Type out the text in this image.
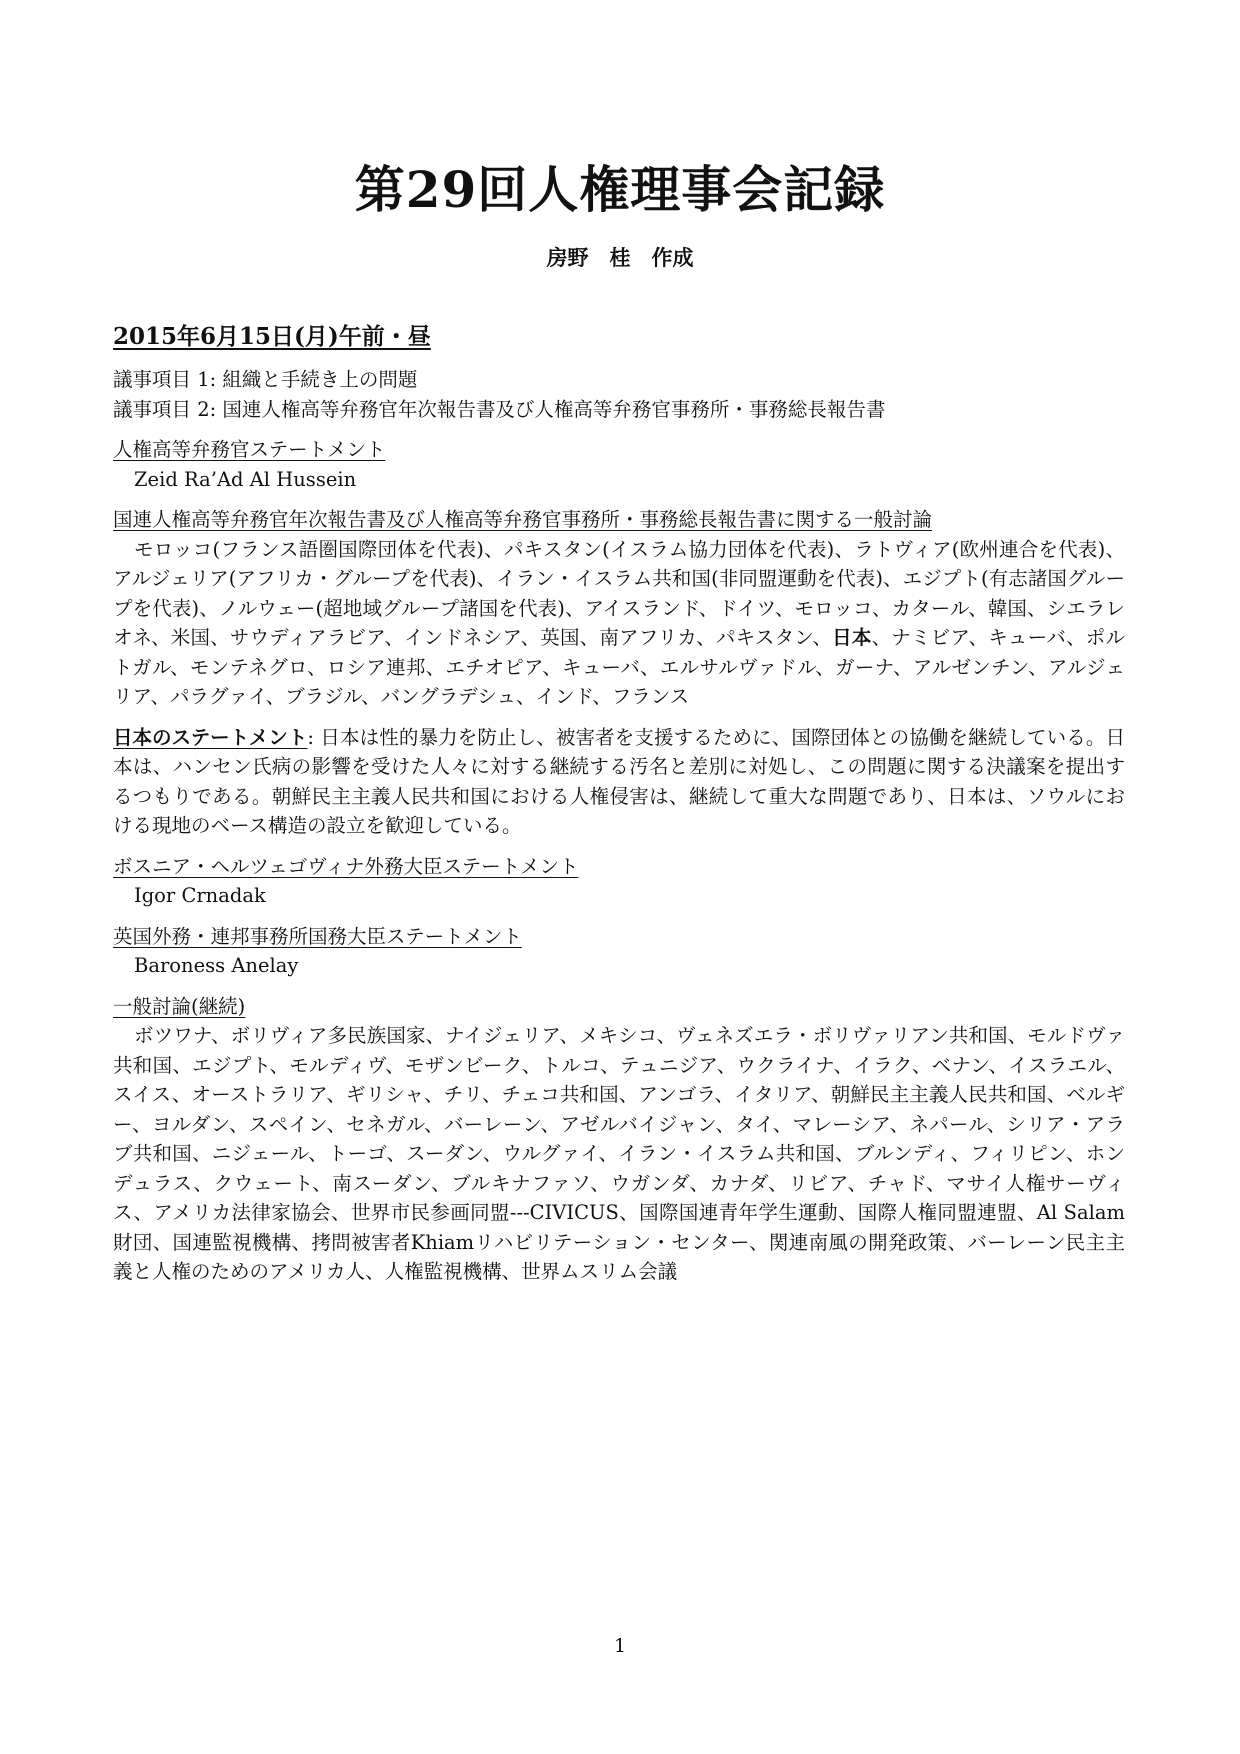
第29回人権理事会記録
房野　桂　作成
2015年6月15日(月)午前・昼

議事項目 1: 組織と手続き上の問題

議事項目 2: 国連人権高等弁務官年次報告書及び人権高等弁務官事務所・事務総長報告書

人権高等弁務官ステートメント

Zeid Ra’Ad Al Hussein

国連人権高等弁務官年次報告書及び人権高等弁務官事務所・事務総長報告書に関する一般討論

モロッコ(フランス語圏国際団体を代表)、パキスタン(イスラム協力団体を代表)、ラトヴィア(欧州連合を代表)、アルジェリア(アフリカ・グループを代表)、イラン・イスラム共和国(非同盟運動を代表)、エジプト(有志諸国グループを代表)、ノルウェー(超地域グループ諸国を代表)、アイスランド、ドイツ、モロッコ、カタール、韓国、シエラレオネ、米国、サウディアラビア、インドネシア、英国、南アフリカ、パキスタン、日本、ナミビア、キューバ、ポルトガル、モンテネグロ、ロシア連邦、エチオピア、キューバ、エルサルヴァドル、ガーナ、アルゼンチン、アルジェリア、パラグァイ、ブラジル、バングラデシュ、インド、フランス

日本のステートメント: 日本は性的暴力を防止し、被害者を支援するために、国際団体との協働を継続している。日本は、ハンセン氏病の影響を受けた人々に対する継続する汚名と差別に対処し、この問題に関する決議案を提出するつもりである。朝鮮民主主義人民共和国における人権侵害は、継続して重大な問題であり、日本は、ソウルにおける現地のベース構造の設立を歓迎している。

ボスニア・ヘルツェゴヴィナ外務大臣ステートメント

Igor Crnadak

英国外務・連邦事務所国務大臣ステートメント

Baroness Anelay

一般討論(継続)

ボツワナ、ボリヴィア多民族国家、ナイジェリア、メキシコ、ヴェネズエラ・ボリヴァリアン共和国、モルドヴァ共和国、エジプト、モルディヴ、モザンビーク、トルコ、テュニジア、ウクライナ、イラク、ベナン、イスラエル、スイス、オーストラリア、ギリシャ、チリ、チェコ共和国、アンゴラ、イタリア、朝鮮民主主義人民共和国、ベルギー、ヨルダン、スペイン、セネガル、バーレーン、アゼルバイジャン、タイ、マレーシア、ネパール、シリア・アラブ共和国、ニジェール、トーゴ、スーダン、ウルグァイ、イラン・イスラム共和国、ブルンディ、フィリピン、ホンデュラス、クウェート、南スーダン、ブルキナファソ、ウガンダ、カナダ、リビア、チャド、マサイ人権サーヴィス、アメリカ法律家協会、世界市民参画同盟---CIVICUS、国際国連青年学生運動、国際人権同盟連盟、Al Salam財団、国連監視機構、拷問被害者Khiamリハビリテーション・センター、関連南風の開発政策、バーレーン民主主義と人権のためのアメリカ人、人権監視機構、世界ムスリム会議

1
